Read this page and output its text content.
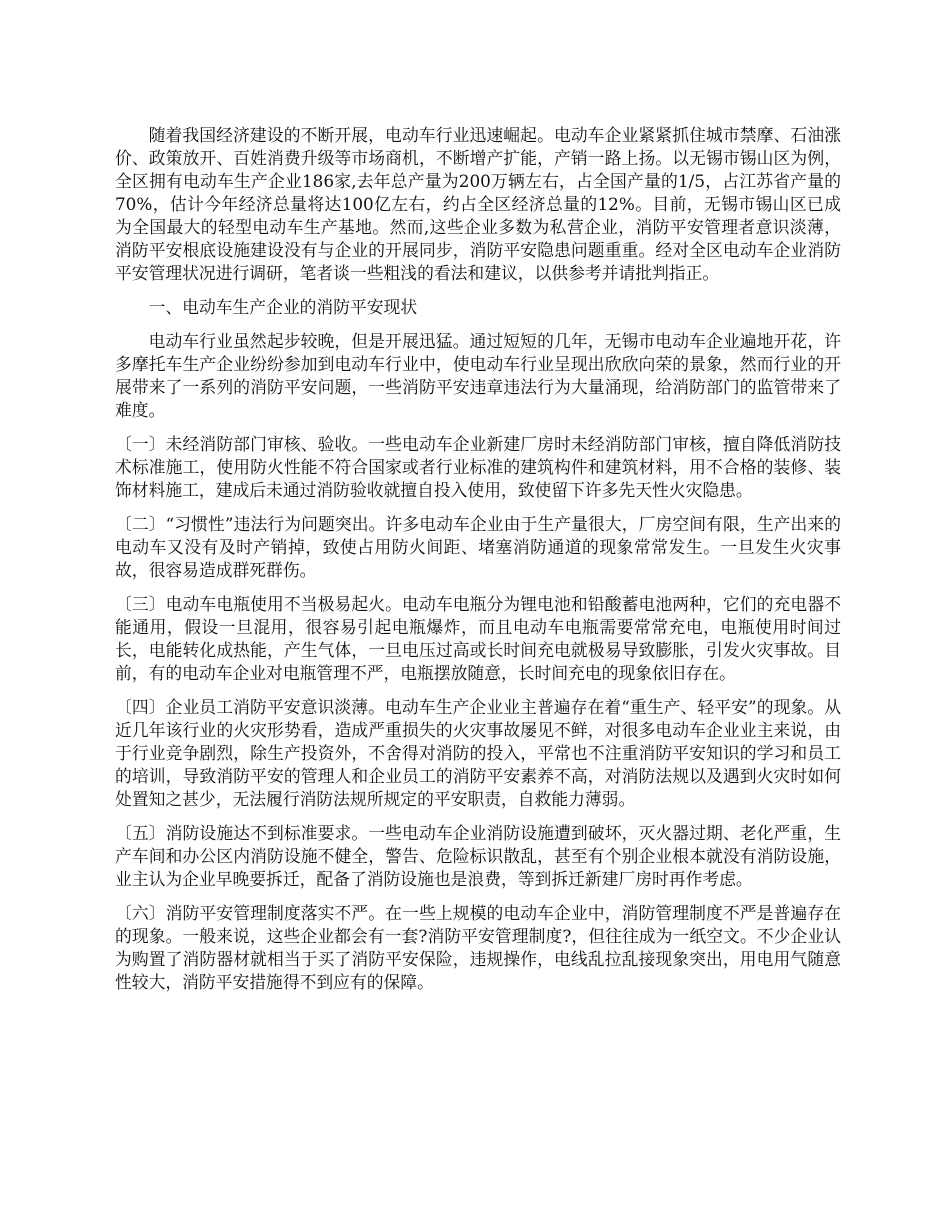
随着我国经济建设的不断开展，电动车行业迅速崛起。电动车企业紧紧抓住城市禁摩、石油涨价、政策放开、百姓消费升级等市场商机，不断增产扩能，产销一路上扬。以无锡市锡山区为例，全区拥有电动车生产企业186家,去年总产量为200万辆左右，占全国产量的1/5，占江苏省产量的70%，估计今年经济总量将达100亿左右，约占全区经济总量的12%。目前，无锡市锡山区已成为全国最大的轻型电动车生产基地。然而,这些企业多数为私营企业，消防平安管理者意识淡薄，消防平安根底设施建设没有与企业的开展同步，消防平安隐患问题重重。经对全区电动车企业消防平安管理状况进行调研，笔者谈一些粗浅的看法和建议，以供参考并请批判指正。

一、电动车生产企业的消防平安现状

电动车行业虽然起步较晚，但是开展迅猛。通过短短的几年，无锡市电动车企业遍地开花，许多摩托车生产企业纷纷参加到电动车行业中，使电动车行业呈现出欣欣向荣的景象，然而行业的开展带来了一系列的消防平安问题，一些消防平安违章违法行为大量涌现，给消防部门的监管带来了难度。

〔一〕未经消防部门审核、验收。一些电动车企业新建厂房时未经消防部门审核，擅自降低消防技术标准施工，使用防火性能不符合国家或者行业标准的建筑构件和建筑材料，用不合格的装修、装饰材料施工，建成后未通过消防验收就擅自投入使用，致使留下许多先天性火灾隐患。

〔二〕“习惯性”违法行为问题突出。许多电动车企业由于生产量很大，厂房空间有限，生产出来的电动车又没有及时产销掉，致使占用防火间距、堵塞消防通道的现象常常发生。一旦发生火灾事故，很容易造成群死群伤。

〔三〕电动车电瓶使用不当极易起火。电动车电瓶分为锂电池和铅酸蓄电池两种，它们的充电器不能通用，假设一旦混用，很容易引起电瓶爆炸，而且电动车电瓶需要常常充电，电瓶使用时间过长，电能转化成热能，产生气体，一旦电压过高或长时间充电就极易导致膨胀，引发火灾事故。目前，有的电动车企业对电瓶管理不严，电瓶摆放随意，长时间充电的现象依旧存在。

〔四〕企业员工消防平安意识淡薄。电动车生产企业业主普遍存在着“重生产、轻平安”的现象。从近几年该行业的火灾形势看，造成严重损失的火灾事故屡见不鲜，对很多电动车企业业主来说，由于行业竞争剧烈，除生产投资外，不舍得对消防的投入，平常也不注重消防平安知识的学习和员工的培训，导致消防平安的管理人和企业员工的消防平安素养不高，对消防法规以及遇到火灾时如何处置知之甚少，无法履行消防法规所规定的平安职责，自救能力薄弱。

〔五〕消防设施达不到标准要求。一些电动车企业消防设施遭到破坏，灭火器过期、老化严重，生产车间和办公区内消防设施不健全，警告、危险标识散乱，甚至有个别企业根本就没有消防设施，业主认为企业早晚要拆迁，配备了消防设施也是浪费，等到拆迁新建厂房时再作考虑。

〔六〕消防平安管理制度落实不严。在一些上规模的电动车企业中，消防管理制度不严是普遍存在的现象。一般来说，这些企业都会有一套?消防平安管理制度?，但往往成为一纸空文。不少企业认为购置了消防器材就相当于买了消防平安保险，违规操作，电线乱拉乱接现象突出，用电用气随意性较大，消防平安措施得不到应有的保障。
